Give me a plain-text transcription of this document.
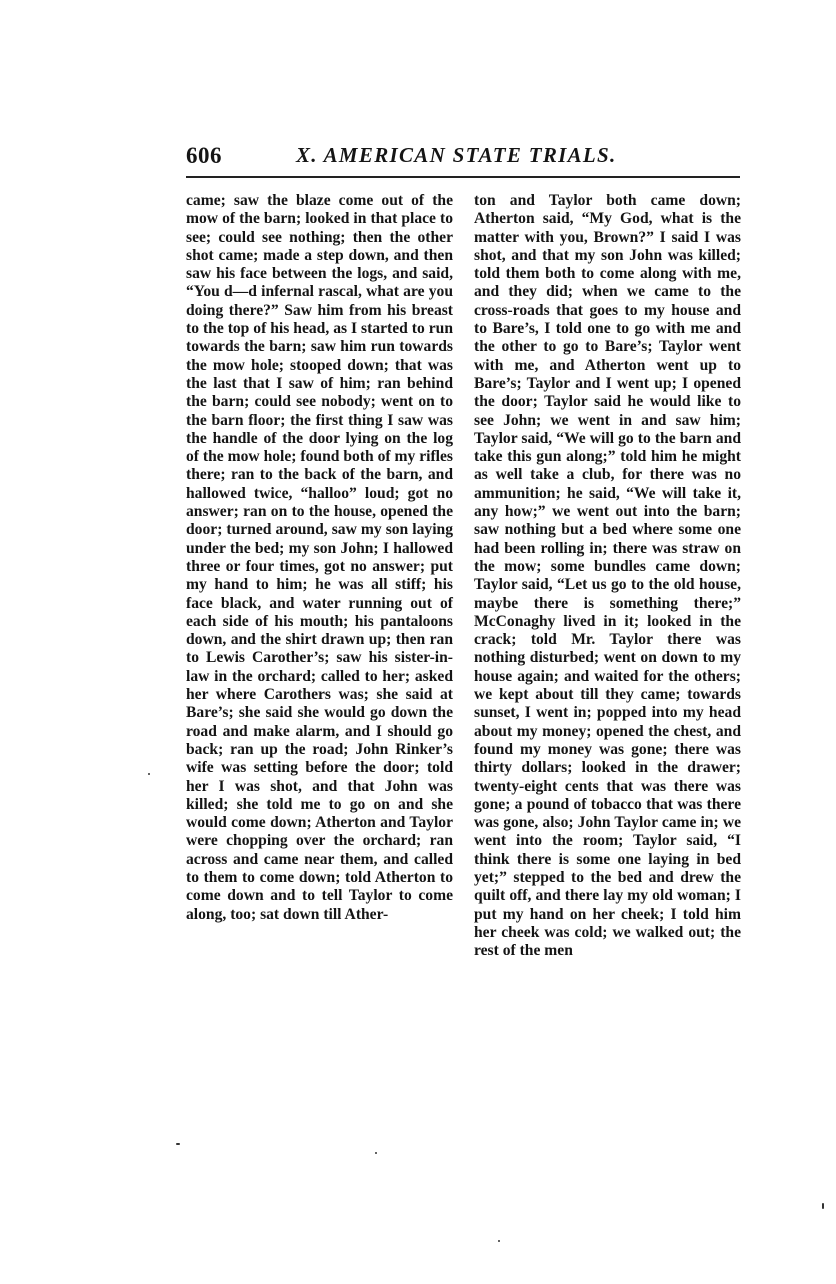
606	X. AMERICAN STATE TRIALS.

came; saw the blaze come out of the mow of the barn; looked in that place to see; could see nothing; then the other shot came; made a step down, and then saw his face between the logs, and said, “You d—d infernal rascal, what are you doing there?” Saw him from his breast to the top of his head, as I started to run towards the barn; saw him run towards the mow hole; stooped down; that was the last that I saw of him; ran behind the barn; could see nobody; went on to the barn floor; the first thing I saw was the handle of the door lying on the log of the mow hole; found both of my rifles there; ran to the back of the barn, and hallowed twice, “halloo” loud; got no answer; ran on to the house, opened the door; turned around, saw my son laying under the bed; my son John; I hallowed three or four times, got no answer; put my hand to him; he was all stiff; his face black, and water running out of each side of his mouth; his pantaloons down, and the shirt drawn up; then ran to Lewis Carother’s; saw his sister-in-law in the orchard; called to her; asked her where Carothers was; she said at Bare’s; she said she would go down the road and make alarm, and I should go back; ran up the road; John Rinker’s wife was setting before the door; told her I was shot, and that John was killed; she told me to go on and she would come down; Atherton and Taylor were chopping over the orchard; ran across and came near them, and called to them to come down; told Atherton to come down and to tell Taylor to come along, too; sat down till Ather-

ton and Taylor both came down; Atherton said, “My God, what is the matter with you, Brown?” I said I was shot, and that my son John was killed; told them both to come along with me, and they did; when we came to the cross-roads that goes to my house and to Bare’s, I told one to go with me and the other to go to Bare’s; Taylor went with me, and Atherton went up to Bare’s; Taylor and I went up; I opened the door; Taylor said he would like to see John; we went in and saw him; Taylor said, “We will go to the barn and take this gun along;” told him he might as well take a club, for there was no ammunition; he said, “We will take it, any how;” we went out into the barn; saw nothing but a bed where some one had been rolling in; there was straw on the mow; some bundles came down; Taylor said, “Let us go to the old house, maybe there is something there;” McConaghy lived in it; looked in the crack; told Mr. Taylor there was nothing disturbed; went on down to my house again; and waited for the others; we kept about till they came; towards sunset, I went in; popped into my head about my money; opened the chest, and found my money was gone; there was thirty dollars; looked in the drawer; twenty-eight cents that was there was gone; a pound of tobacco that was there was gone, also; John Taylor came in; we went into the room; Taylor said, “I think there is some one laying in bed yet;” stepped to the bed and drew the quilt off, and there lay my old woman; I put my hand on her cheek; I told him her cheek was cold; we walked out; the rest of the men
